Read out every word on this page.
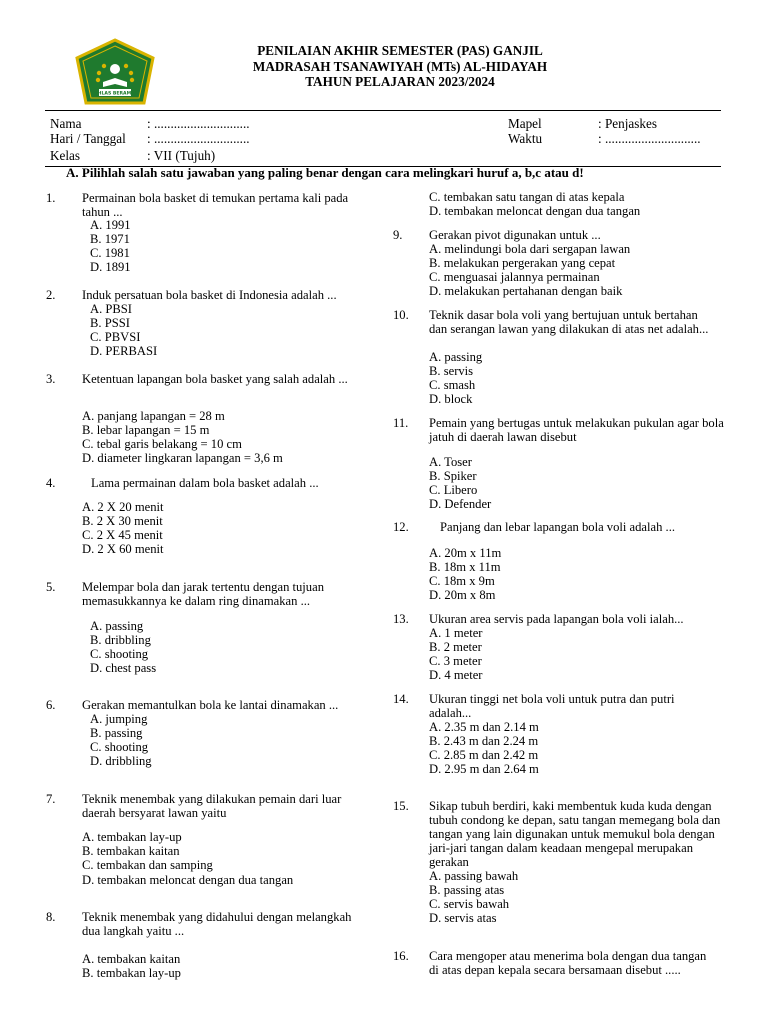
IKHLAS BERAMAL
PENILAIAN AKHIR SEMESTER (PAS) GANJIL
MADRASAH TSANAWIYAH (MTs) AL-HIDAYAH
TAHUN PELAJARAN 2023/2024
Nama	: .............................
Hari / Tanggal : .............................
Kelas	: VII (Tujuh)
Mapel	: Penjaskes
Waktu	: .............................
A. Pilihlah salah satu jawaban yang paling benar dengan cara melingkari huruf a, b,c atau d!
1. Permainan bola basket di temukan pertama kali pada tahun ...
A. 1991
B. 1971
C. 1981
D. 1891
2. Induk persatuan bola basket di Indonesia adalah ...
A. PBSI
B. PSSI
C. PBVSI
D. PERBASI
3. Ketentuan lapangan bola basket yang salah adalah ...
A. panjang lapangan = 28 m
B. lebar lapangan = 15 m
C. tebal garis belakang = 10 cm
D. diameter lingkaran lapangan = 3,6 m
4.	Lama permainan dalam bola basket adalah ...
A. 2 X 20 menit
B. 2 X 30 menit
C. 2 X 45 menit
D. 2 X 60 menit
5. Melempar bola dan jarak tertentu dengan tujuan memasukkannya ke dalam ring dinamakan ...
A. passing
B. dribbling
C. shooting
D. chest pass
6. Gerakan memantulkan bola ke lantai dinamakan ...
A. jumping
B. passing
C. shooting
D. dribbling
7. Teknik menembak yang dilakukan pemain dari luar daerah bersyarat lawan yaitu
A. tembakan lay-up
B. tembakan kaitan
C. tembakan dan samping
D. tembakan meloncat dengan dua tangan
8. Teknik menembak yang didahului dengan melangkah dua langkah yaitu ...
A. tembakan kaitan
B. tembakan lay-up
C. tembakan satu tangan di atas kepala
D. tembakan meloncat dengan dua tangan
9. Gerakan pivot digunakan untuk ...
A. melindungi bola dari sergapan lawan
B. melakukan pergerakan yang cepat
C. menguasai jalannya permainan
D. melakukan pertahanan dengan baik
10. Teknik dasar bola voli yang bertujuan untuk bertahan dan serangan lawan yang dilakukan di atas net adalah...
A. passing
B. servis
C. smash
D. block
11. Pemain yang bertugas untuk melakukan pukulan agar bola jatuh di daerah lawan disebut
A. Toser
B. Spiker
C. Libero
D. Defender
12. Panjang dan lebar lapangan bola voli adalah ...
A. 20m x 11m
B. 18m x 11m
C. 18m x 9m
D. 20m x 8m
13. Ukuran area servis pada lapangan bola voli ialah...
A. 1 meter
B. 2 meter
C. 3 meter
D. 4 meter
14. Ukuran tinggi net bola voli untuk putra dan putri adalah...
A. 2.35 m dan 2.14 m
B. 2.43 m dan 2.24 m
C. 2.85 m dan 2.42 m
D. 2.95 m dan 2.64 m
15. Sikap tubuh berdiri, kaki membentuk kuda kuda dengan tubuh condong ke depan, satu tangan memegang bola dan tangan yang lain digunakan untuk memukul bola dengan jari-jari tangan dalam keadaan mengepal merupakan gerakan
A. passing bawah
B. passing atas
C. servis bawah
D. servis atas
16. Cara mengoper atau menerima bola dengan dua tangan di atas depan kepala secara bersamaan disebut .....
